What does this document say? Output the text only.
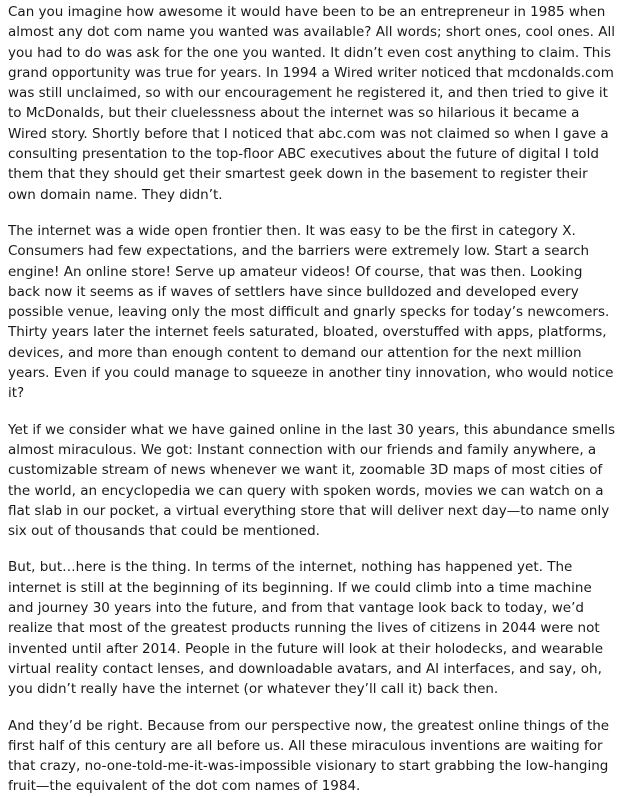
Can you imagine how awesome it would have been to be an entrepreneur in 1985 when almost any dot com name you wanted was available? All words; short ones, cool ones. All you had to do was ask for the one you wanted. It didn’t even cost anything to claim. This grand opportunity was true for years. In 1994 a Wired writer noticed that mcdonalds.com was still unclaimed, so with our encouragement he registered it, and then tried to give it to McDonalds, but their cluelessness about the internet was so hilarious it became a Wired story. Shortly before that I noticed that abc.com was not claimed so when I gave a consulting presentation to the top-floor ABC executives about the future of digital I told them that they should get their smartest geek down in the basement to register their own domain name. They didn’t.

The internet was a wide open frontier then. It was easy to be the first in category X. Consumers had few expectations, and the barriers were extremely low. Start a search engine! An online store! Serve up amateur videos! Of course, that was then. Looking back now it seems as if waves of settlers have since bulldozed and developed every possible venue, leaving only the most difficult and gnarly specks for today’s newcomers. Thirty years later the internet feels saturated, bloated, overstuffed with apps, platforms, devices, and more than enough content to demand our attention for the next million years. Even if you could manage to squeeze in another tiny innovation, who would notice it?

Yet if we consider what we have gained online in the last 30 years, this abundance smells almost miraculous. We got: Instant connection with our friends and family anywhere, a customizable stream of news whenever we want it, zoomable 3D maps of most cities of the world, an encyclopedia we can query with spoken words, movies we can watch on a flat slab in our pocket, a virtual everything store that will deliver next day—to name only six out of thousands that could be mentioned.

But, but…here is the thing. In terms of the internet, nothing has happened yet. The internet is still at the beginning of its beginning. If we could climb into a time machine and journey 30 years into the future, and from that vantage look back to today, we’d realize that most of the greatest products running the lives of citizens in 2044 were not invented until after 2014. People in the future will look at their holodecks, and wearable virtual reality contact lenses, and downloadable avatars, and AI interfaces, and say, oh, you didn’t really have the internet (or whatever they’ll call it) back then.

And they’d be right. Because from our perspective now, the greatest online things of the first half of this century are all before us. All these miraculous inventions are waiting for that crazy, no-one-told-me-it-was-impossible visionary to start grabbing the low-hanging fruit—the equivalent of the dot com names of 1984.
